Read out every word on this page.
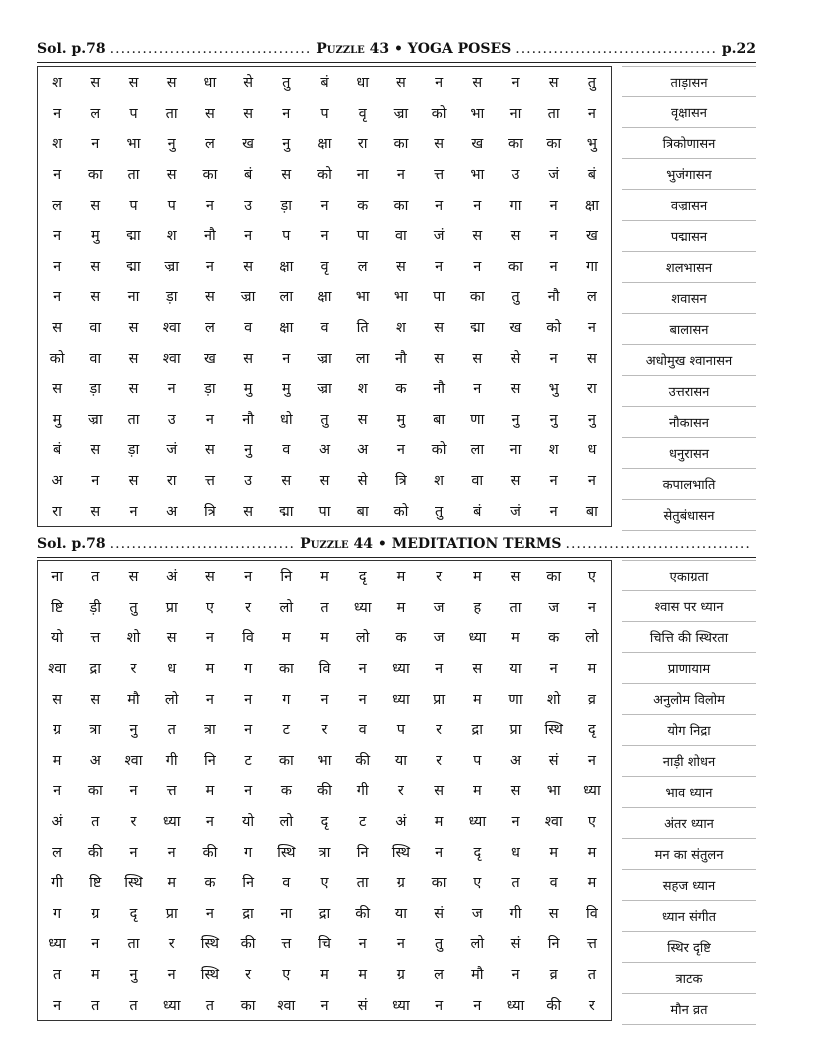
Sol. p.78 .....	Puzzle 43 • YOGA POSES .....	p.22
श	स	स	स	धा	से	तु	बं	धा	स	न	स	न	स	तु
न	ल	प	ता	स	स	न	प	वृ	ज्रा	को	भा	ना	ता	न
श	न	भा	नु	ल	ख	नु	क्षा	रा	का	स	ख	का	का	भु
न	का	ता	स	का	बं	स	को	ना	न	त्त	भा	उ	जं	बं
ल	स	प	प	न	उ	ड़ा	न	क	का	न	न	गा	न	क्षा
न	मु	द्मा	श	नौ	न	प	न	पा	वा	जं	स	स	न	ख
न	स	द्मा	ज्रा	न	स	क्षा	वृ	ल	स	न	न	का	न	गा
न	स	ना	ड़ा	स	ज्रा	ला	क्षा	भा	भा	पा	का	तु	नौ	ल
स	वा	स	श्वा	ल	व	क्षा	व	ति	श	स	द्मा	ख	को	न
को	वा	स	श्वा	ख	स	न	ज्रा	ला	नौ	स	स	से	न	स
स	ड़ा	स	न	ड़ा	मु	मु	ज्रा	श	क	नौ	न	स	भु	रा
मु	ज्रा	ता	उ	न	नौ	धो	तु	स	मु	बा	णा	नु	नु	नु
बं	स	ड़ा	जं	स	नु	व	अ	अ	न	को	ला	ना	श	ध
अ	न	स	रा	त्त	उ	स	स	से	त्रि	श	वा	स	न	न
रा	स	न	अ	त्रि	स	द्मा	पा	बा	को	तु	बं	जं	न	बा
ताड़ासन
वृक्षासन
त्रिकोणासन
भुजंगासन
वज्रासन
पद्मासन
शलभासन
शवासन
बालासन
अधोमुख श्वानासन
उत्तरासन
नौकासन
धनुरासन
कपालभाति
सेतुबंधासन
Sol. p.78 .....	Puzzle 44 • MEDITATION TERMS
.....
ना	त	स	अं	स	न	नि	म	दृ	म	र	म	स	का	ए
ष्टि	ड़ी	तु	प्रा	ए	र	लो	त	ध्या	म	ज	ह	ता	ज	न
यो	त्त	शो	स	न	वि	म	म	लो	क	ज	ध्या	म	क	लो
श्वा	द्रा	र	ध	म	ग	का	वि	न	ध्या	न	स	या	न	म
स	स	मौ	लो	न	न	ग	न	न	ध्या	प्रा	म	णा	शो	व्र
ग्र	त्रा	नु	त	त्रा	न	ट	र	व	प	र	द्रा	प्रा	स्थि	दृ
म	अ	श्वा	गी	नि	ट	का	भा	की	या	र	प	अ	सं	न
न	का	न	त्त	म	न	क	की	गी	र	स	म	स	भा	ध्या
अं	त	र	ध्या	न	यो	लो	दृ	ट	अं	म	ध्या	न	श्वा	ए
ल	की	न	न	की	ग	स्थि	त्रा	नि	स्थि	न	दृ	ध	म	म
गी	ष्टि	स्थि	म	क	नि	व	ए	ता	ग्र	का	ए	त	व	म
ग	ग्र	दृ	प्रा	न	द्रा	ना	द्रा	की	या	सं	ज	गी	स	वि
ध्या	न	ता	र	स्थि	की	त्त	चि	न	न	तु	लो	सं	नि	त्त
त	म	नु	न	स्थि	र	ए	म	म	ग्र	ल	मौ	न	व्र	त
न	त	त	ध्या	त	का	श्वा	न	सं	ध्या	न	न	ध्या	की	र
एकाग्रता
श्वास पर ध्यान
चित्ति की स्थिरता
प्राणायाम
अनुलोम विलोम
योग निद्रा
नाड़ी शोधन
भाव ध्यान
अंतर ध्यान
मन का संतुलन
सहज ध्यान
ध्यान संगीत
स्थिर दृष्टि
त्राटक
मौन व्रत
